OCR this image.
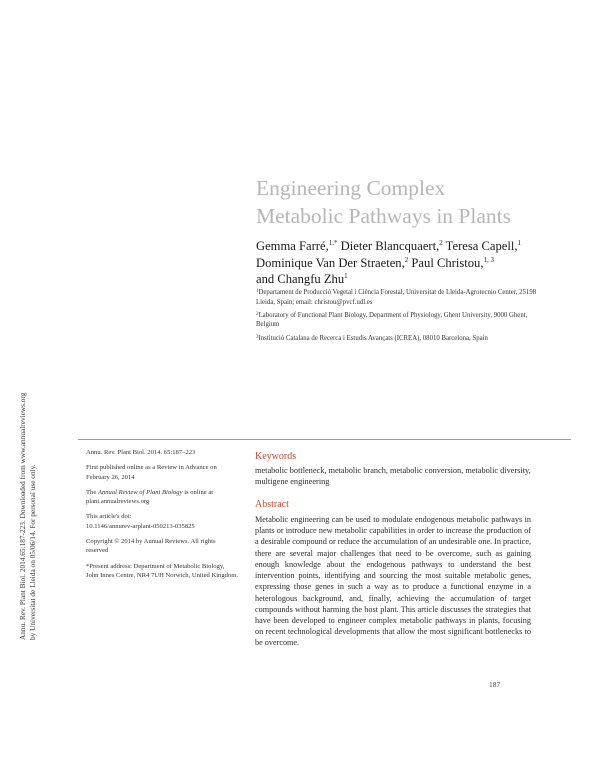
Annu. Rev. Plant Biol. 2014.65:187-223. Downloaded from www.annualreviews.org by Universitat de Lleida on 05/06/14. For personal use only.
Engineering Complex
Metabolic Pathways in Plants
Gemma Farré,$^{1,*}$ Dieter Blancquaert,$^2$ Teresa Capell,$^1$
Dominique Van Der Straeten,$^2$ Paul Christou,$^{1, 3}$
and Changfu Zhu$^1$
$^1$Departament de Producció Vegetal i Ciència Forestal, Universitat de Lleida-Agrotecnio Center, 25198 Lleida, Spain; email: christou@pvcf.udl.es
$^2$Laboratory of Functional Plant Biology, Department of Physiology, Ghent University, 9000 Ghent, Belgium
$^3$Institució Catalana de Recerca i Estudis Avançats (ICREA), 08010 Barcelona, Spain

Annu. Rev. Plant Biol. 2014. 65:187–223

First published online as a Review in Advance on February 26, 2014

The Annual Review of Plant Biology is online at plant.annualreviews.org

This article's doi:
10.1146/annurev-arplant-050213-035825

Copyright © 2014 by Annual Reviews. All rights reserved

*Present address: Department of Metabolic Biology, John Innes Centre, NR4 7UH Norwich, United Kingdom.

Keywords
metabolic bottleneck, metabolic branch, metabolic conversion, metabolic diversity, multigene engineering
Abstract
Metabolic engineering can be used to modulate endogenous metabolic pathways in plants or introduce new metabolic capabilities in order to increase the production of a desirable compound or reduce the accumulation of an undesirable one. In practice, there are several major challenges that need to be overcome, such as gaining enough knowledge about the endogenous pathways to understand the best intervention points, identifying and sourcing the most suitable metabolic genes, expressing those genes in such a way as to produce a functional enzyme in a heterologous background, and, finally, achieving the accumulation of target compounds without harming the host plant. This article discusses the strategies that have been developed to engineer complex metabolic pathways in plants, focusing on recent technological developments that allow the most significant bottlenecks to be overcome.
187
